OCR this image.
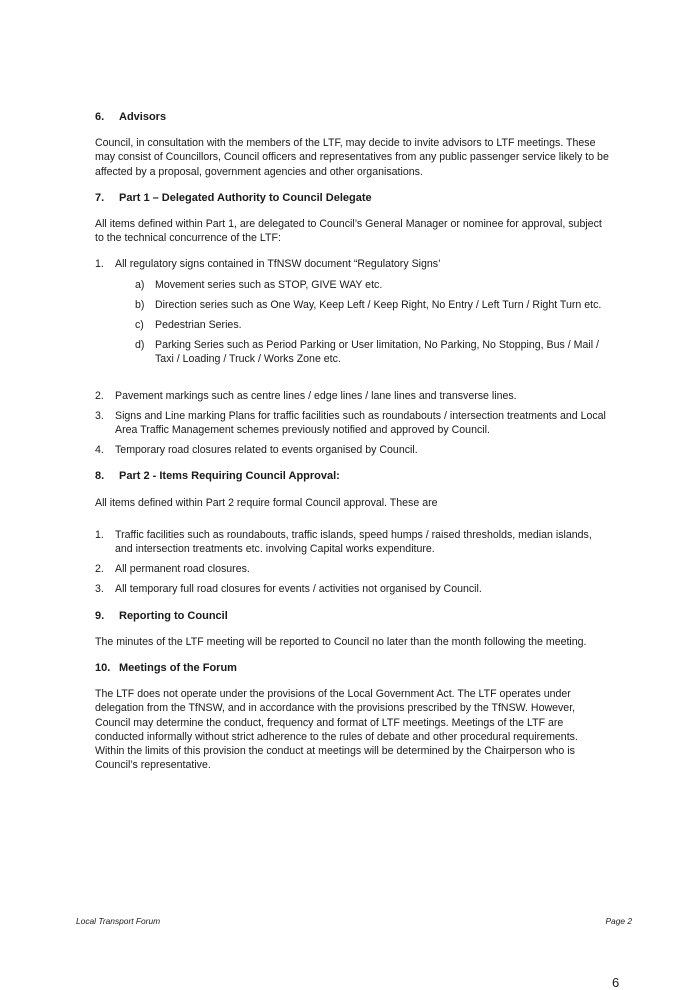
6.	Advisors

Council, in consultation with the members of the LTF, may decide to invite advisors to LTF meetings. These may consist of Councillors, Council officers and representatives from any public passenger service likely to be affected by a proposal, government agencies and other organisations.

7.	Part 1 – Delegated Authority to Council Delegate

All items defined within Part 1, are delegated to Council’s General Manager or nominee for approval, subject to the technical concurrence of the LTF:

1.	All regulatory signs contained in TfNSW document “Regulatory Signs’
a) Movement series such as STOP, GIVE WAY etc.
b) Direction series such as One Way, Keep Left / Keep Right, No Entry / Left Turn / Right Turn etc.
c)	Pedestrian Series.
d) Parking Series such as Period Parking or User limitation, No Parking, No Stopping, Bus / Mail / Taxi / Loading / Truck / Works Zone etc.
2.	Pavement markings such as centre lines / edge lines / lane lines and transverse lines.
3.	Signs and Line marking Plans for traffic facilities such as roundabouts / intersection treatments and Local Area Traffic Management schemes previously notified and approved by Council.
4.	Temporary road closures related to events organised by Council.
8.	Part 2 - Items Requiring Council Approval:

All items defined within Part 2 require formal Council approval. These are

1.	Traffic facilities such as roundabouts, traffic islands, speed humps / raised thresholds, median islands, and intersection treatments etc. involving Capital works expenditure.
2.	All permanent road closures.
3.	All temporary full road closures for events / activities not organised by Council.
9.	Reporting to Council

The minutes of the LTF meeting will be reported to Council no later than the month following the meeting.

10. Meetings of the Forum

The LTF does not operate under the provisions of the Local Government Act. The LTF operates under delegation from the TfNSW, and in accordance with the provisions prescribed by the TfNSW. However, Council may determine the conduct, frequency and format of LTF meetings. Meetings of the LTF are conducted informally without strict adherence to the rules of debate and other procedural requirements. Within the limits of this provision the conduct at meetings will be determined by the Chairperson who is Council’s representative.

Local Transport Forum	Page 2
6
